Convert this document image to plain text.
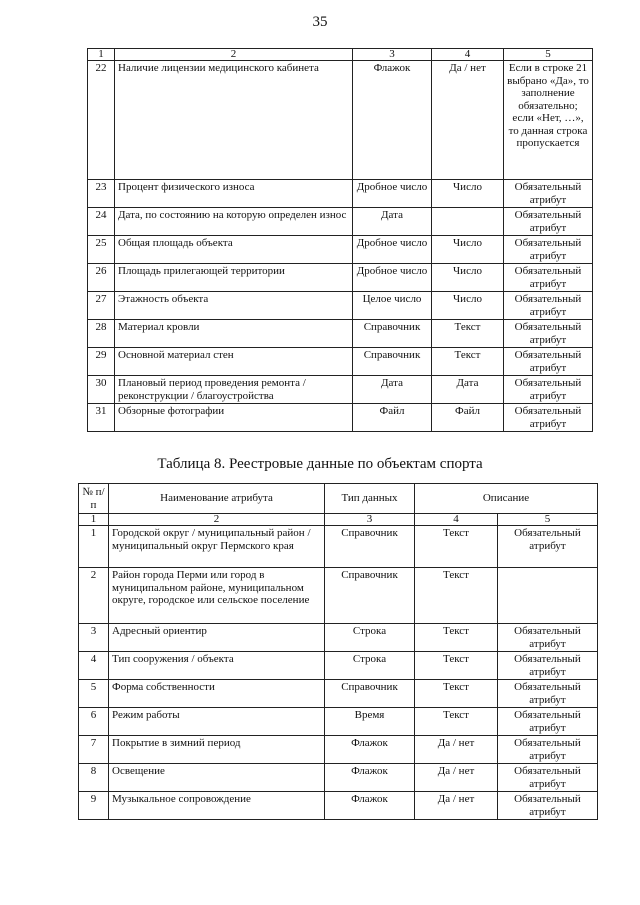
35
1	2	3	4	5
22	Наличие лицензии медицинского кабинета	Флажок	Да / нет	Если в строке 21 выбрано «Да», то заполнение обязательно; если «Нет, …», то данная строка пропускается
23	Процент физического износа	Дробное число	Число	Обязательный атрибут
24	Дата, по состоянию на которую определен износ	Дата		Обязательный атрибут
25	Общая площадь объекта	Дробное число	Число	Обязательный атрибут
26	Площадь прилегающей территории	Дробное число	Число	Обязательный атрибут
27	Этажность объекта	Целое число	Число	Обязательный атрибут
28	Материал кровли	Справочник	Текст	Обязательный атрибут
29	Основной материал стен	Справочник	Текст	Обязательный атрибут
30	Плановый период проведения ремонта / реконструкции / благоустройства	Дата	Дата	Обязательный атрибут
31	Обзорные фотографии	Файл	Файл	Обязательный атрибут
Таблица 8. Реестровые данные по объектам спорта
№ п/п	Наименование атрибута	Тип данных	Описание	
1	2	3	4	5
1	Городской округ / муниципальный район / муниципальный округ Пермского края	Справочник	Текст	Обязательный атрибут
2	Район города Перми или город в муниципальном районе, муниципальном округе, городское или сельское поселение	Справочник	Текст	
3	Адресный ориентир	Строка	Текст	Обязательный атрибут
4	Тип сооружения / объекта	Строка	Текст	Обязательный атрибут
5	Форма собственности	Справочник	Текст	Обязательный атрибут
6	Режим работы	Время	Текст	Обязательный атрибут
7	Покрытие в зимний период	Флажок	Да / нет	Обязательный атрибут
8	Освещение	Флажок	Да / нет	Обязательный атрибут
9	Музыкальное сопровождение	Флажок	Да / нет	Обязательный атрибут
